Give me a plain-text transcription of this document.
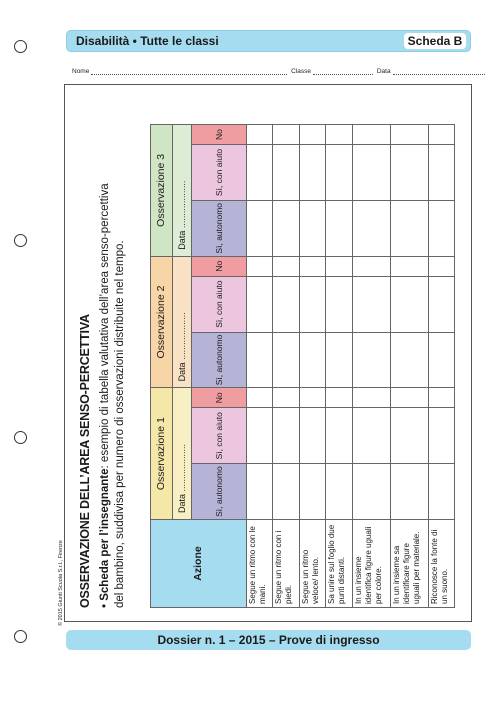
Disabilità • Tutte le classi	Scheda B
Nome	Classe	Data
OSSERVAZIONE DELL’AREA SENSO-PERCETTIVA • Scheda per l’insegnante: esempio di tabella valutativa dell’area senso-percettiva del bambino, suddivisa per numero di osservazioni distribuite nel tempo.	Azione	Osservazione 1			Osservazione 2			Osservazione 3		
	Data ...................			Data ...................			Data ...................		
	Sì, autonomo	Sì, con aiuto	No	Sì, autonomo	Sì, con aiuto	No	Sì, autonomo	Sì, con aiuto	No
Segue un ritmo con le mani.									
Segue un ritmo con i piedi.									
Segue un ritmo veloce/ lento.									
Sa unire sul foglio due punti distanti.									
In un insieme identifica figure uguali per colore.									
In un insieme sa identificare figure uguali per materiale.									
Riconosce la fonte di un suono.									
© 2015 Giunti Scuola S.r.l., Firenze
Dossier n. 1 – 2015 – Prove di ingresso
